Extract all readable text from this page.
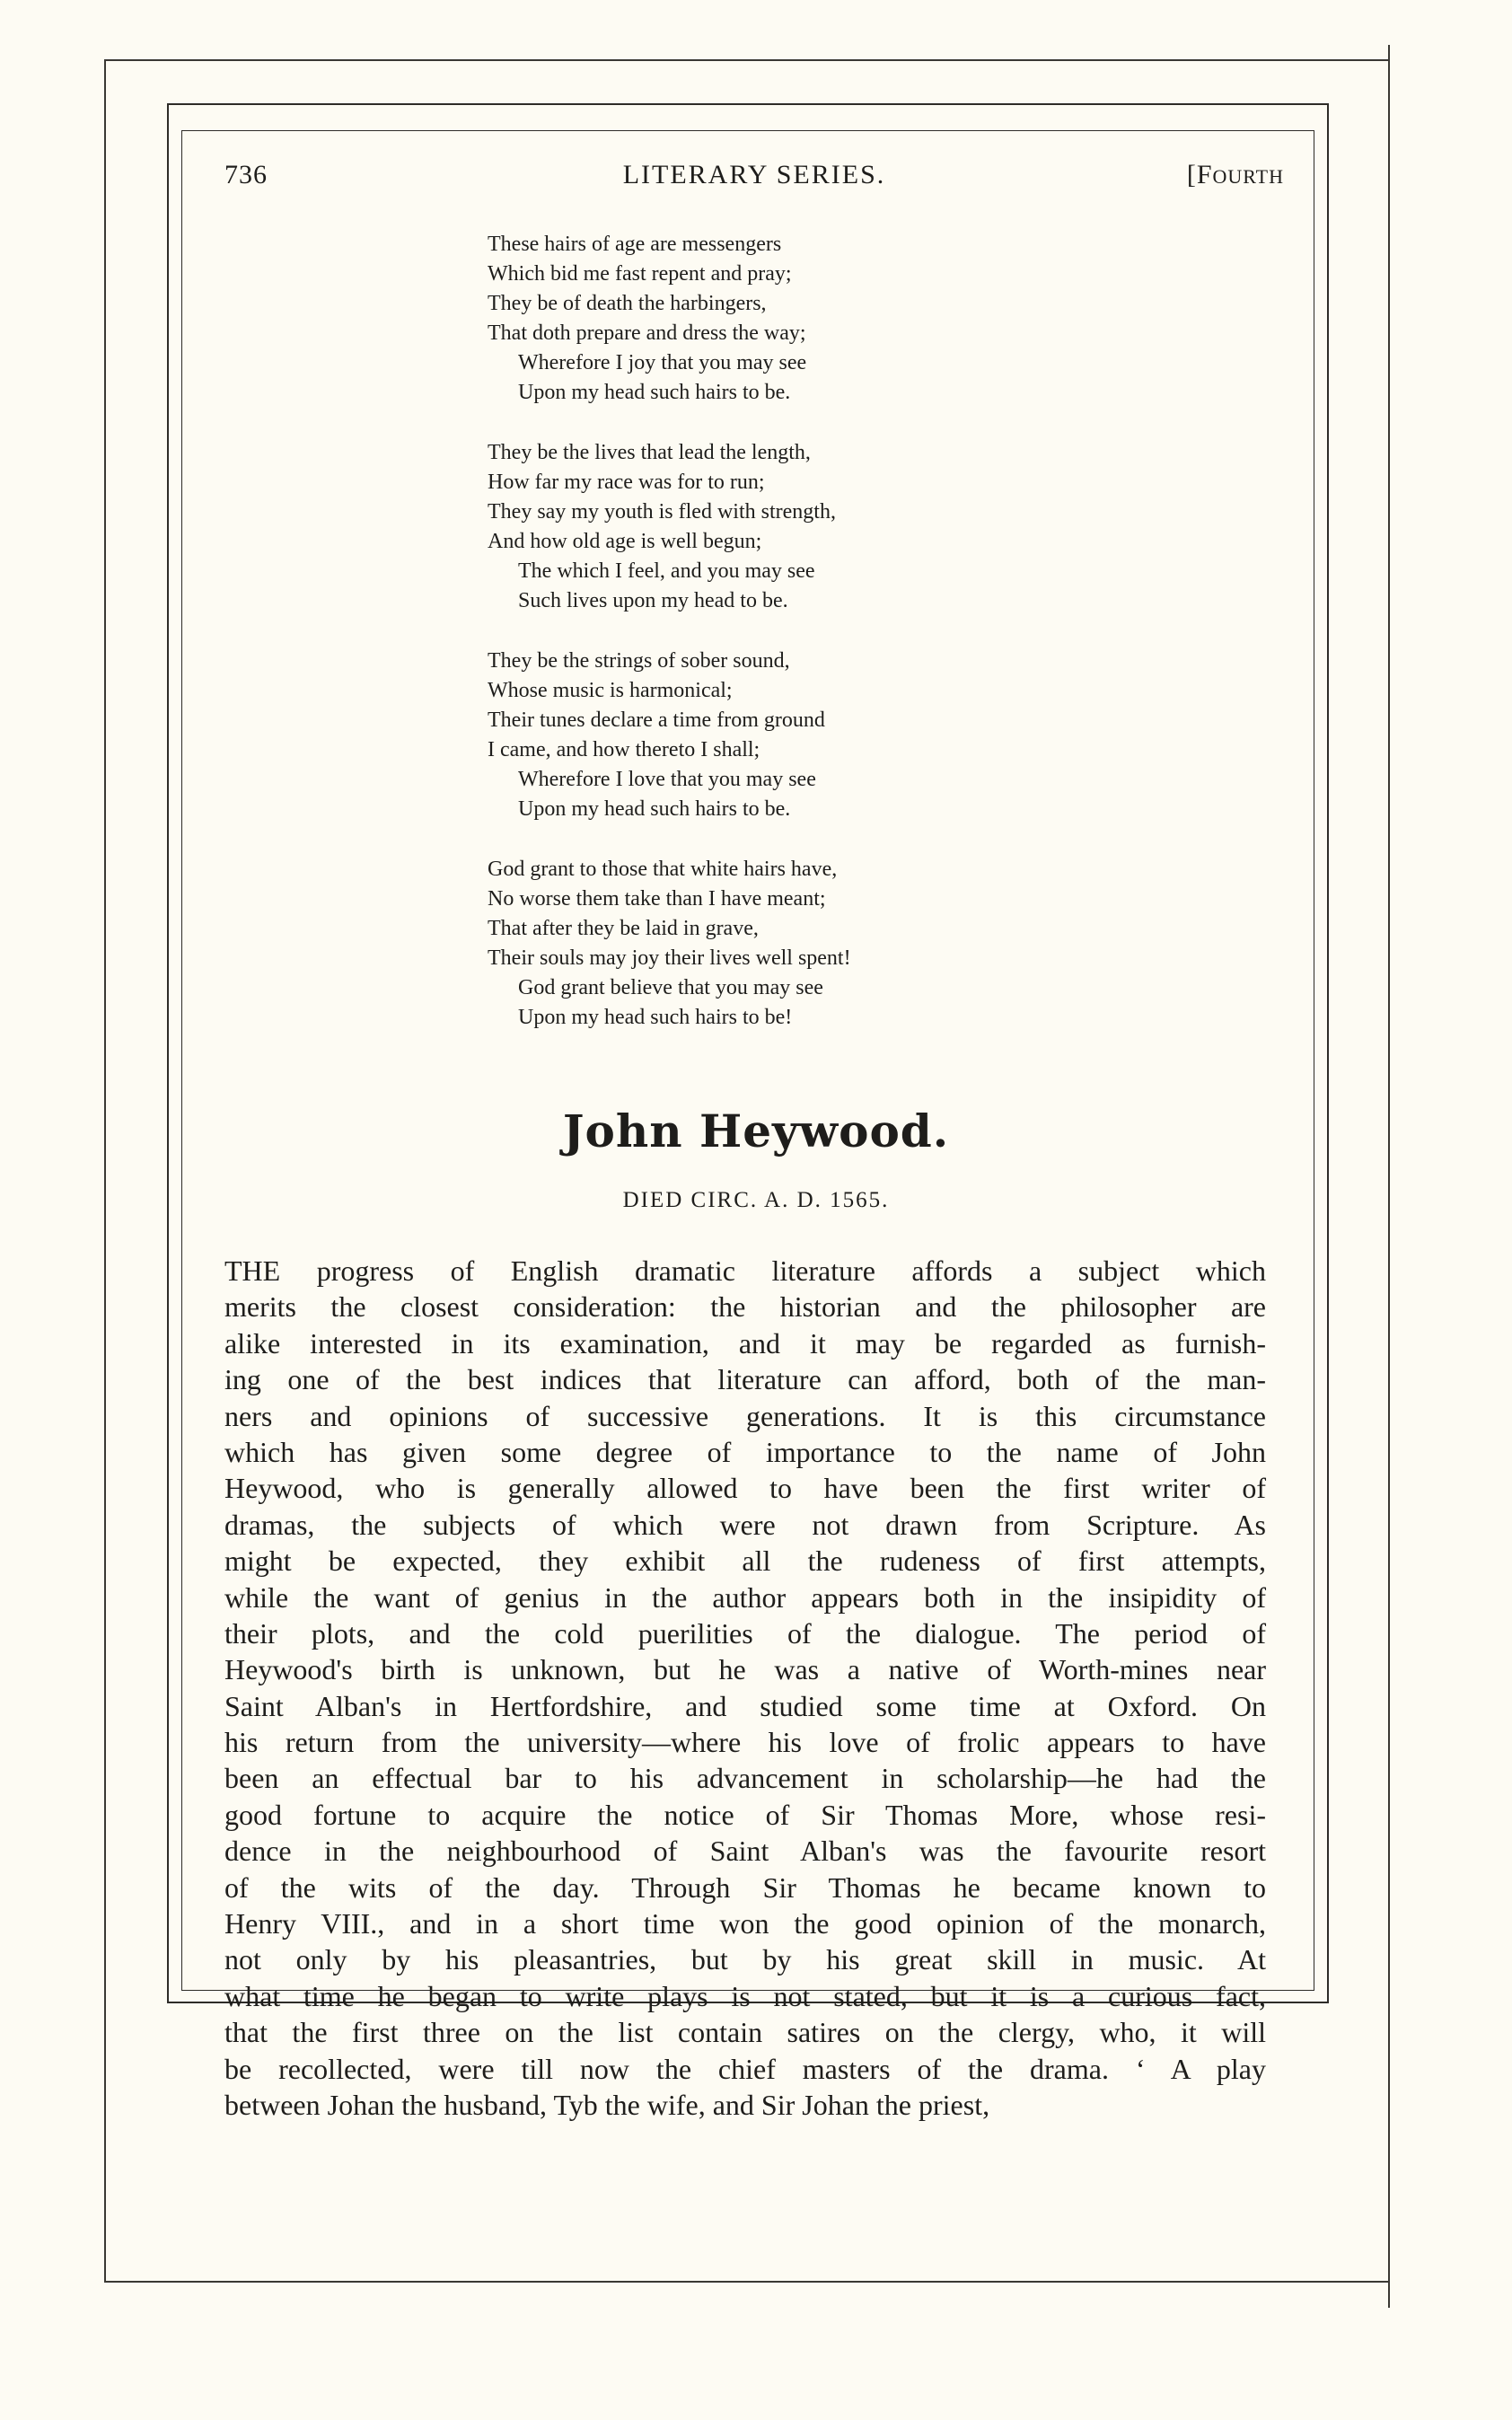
736	LITERARY SERIES.	[FOURTH
These hairs of age are messengers
Which bid me fast repent and pray;
They be of death the harbingers,
That doth prepare and dress the way;
Wherefore I joy that you may see
Upon my head such hairs to be.
They be the lives that lead the length,
How far my race was for to run;
They say my youth is fled with strength,
And how old age is well begun;
The which I feel, and you may see
Such lives upon my head to be.
They be the strings of sober sound,
Whose music is harmonical;
Their tunes declare a time from ground
I came, and how thereto I shall;
Wherefore I love that you may see
Upon my head such hairs to be.
God grant to those that white hairs have,
No worse them take than I have meant;
That after they be laid in grave,
Their souls may joy their lives well spent!
God grant believe that you may see
Upon my head such hairs to be!
John Heywood.
DIED CIRC. A. D. 1565.
THE progress of English dramatic literature affords a subject which
merits the closest consideration: the historian and the philosopher are
alike interested in its examination, and it may be regarded as furnish-
ing one of the best indices that literature can afford, both of the man-
ners and opinions of successive generations. It is this circumstance
which has given some degree of importance to the name of John
Heywood, who is generally allowed to have been the first writer of
dramas, the subjects of which were not drawn from Scripture. As
might be expected, they exhibit all the rudeness of first attempts,
while the want of genius in the author appears both in the insipidity of
their plots, and the cold puerilities of the dialogue. The period of
Heywood's birth is unknown, but he was a native of Worth-mines near
Saint Alban's in Hertfordshire, and studied some time at Oxford. On
his return from the university—where his love of frolic appears to have
been an effectual bar to his advancement in scholarship—he had the
good fortune to acquire the notice of Sir Thomas More, whose resi-
dence in the neighbourhood of Saint Alban's was the favourite resort
of the wits of the day. Through Sir Thomas he became known to
Henry VIII., and in a short time won the good opinion of the monarch,
not only by his pleasantries, but by his great skill in music. At
what time he began to write plays is not stated, but it is a curious fact,
that the first three on the list contain satires on the clergy, who, it will
be recollected, were till now the chief masters of the drama. ‘ A play
between Johan the husband, Tyb the wife, and Sir Johan the priest,
